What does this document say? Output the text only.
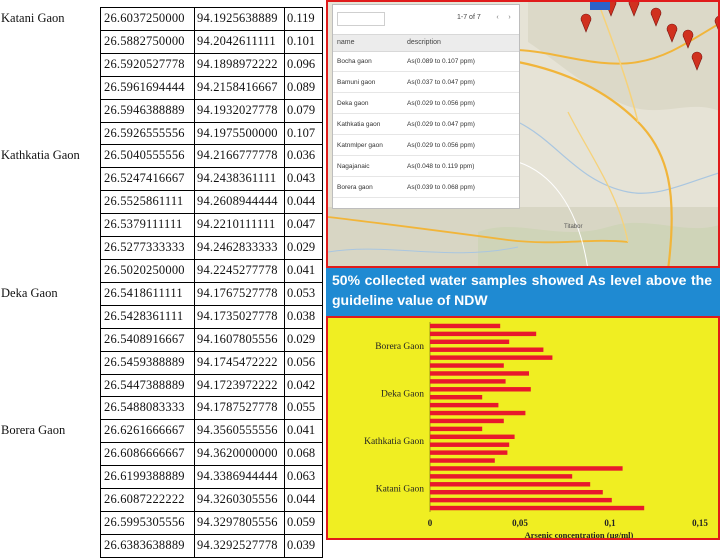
Katani Gaon	26.6037250000	94.1925638889	0.119
	26.5882750000	94.2042611111	0.101
	26.5920527778	94.1898972222	0.096
	26.5961694444	94.2158416667	0.089
	26.5946388889	94.1932027778	0.079
	26.5926555556	94.1975500000	0.107
Kathkatia Gaon	26.5040555556	94.2166777778	0.036
	26.5247416667	94.2438361111	0.043
	26.5525861111	94.2608944444	0.044
	26.5379111111	94.2210111111	0.047
	26.5277333333	94.2462833333	0.029
	26.5020250000	94.2245277778	0.041
Deka Gaon	26.5418611111	94.1767527778	0.053
	26.5428361111	94.1735027778	0.038
	26.5408916667	94.1607805556	0.029
	26.5459388889	94.1745472222	0.056
	26.5447388889	94.1723972222	0.042
	26.5488083333	94.1787527778	0.055
Borera Gaon	26.6261666667	94.3560555556	0.041
	26.6086666667	94.3620000000	0.068
	26.6199388889	94.3386944444	0.063
	26.6087222222	94.3260305556	0.044
	26.5995305556	94.3297805556	0.059
	26.6383638889	94.3292527778	0.039
Titabor
1-7 of 7	‹	›
name	description
Bocha gaon	As(0.089 to 0.107 ppm)
Bamuni gaon	As(0.037 to 0.047 ppm)
Deka gaon	As(0.029 to 0.056 ppm)
Kathkatia gaon	As(0.029 to 0.047 ppm)
Katnmlper gaon	As(0.029 to 0.056 ppm)
Nagajanaic	As(0.048 to 0.119 ppm)
Borera gaon	As(0.039 to 0.068 ppm)
50% collected water samples showed As level above the guideline value of NDW
Borera Gaon
Deka Gaon
Kathkatia Gaon
Katani Gaon
0	0,05	0,1	0,15
Arsenic concentration (µg/ml)
